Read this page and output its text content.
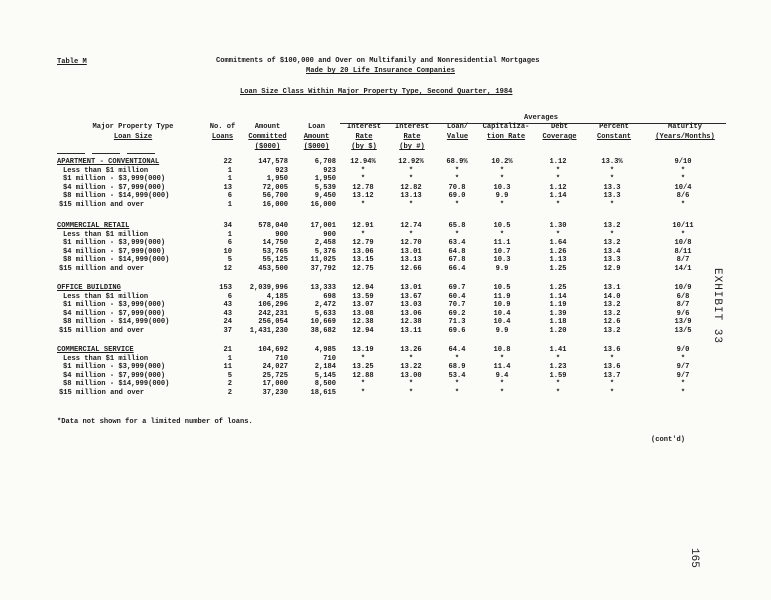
Table M	Commitments of $100,000 and Over on Multifamily and Nonresidential Mortgages
Made by 20 Life Insurance Companies
Loan Size Class Within Major Property Type, Second Quarter, 1984
Averages
Major Property Type
Loan Size
No. of
Loans
Amount
Committed
($000)
Loan
Amount
($000)
Interest
Rate
(by $)
Interest
Rate
(by #)
Loan/
Value
Capitaliza-
tion Rate
Debt
Coverage
Percent
Constant
Maturity
(Years/Months)
APARTMENT - CONVENTIONAL	22	147,578	6,708	12.94%	12.92%	68.9%	10.2%	1.12	13.3%	9/10
Less than $1 million	1	923	923	*	*	*	*	*	*	*
$1 million - $3,999(000)	1	1,950	1,950	*	*	*	*	*	*	*
$4 million - $7,999(000)	13	72,005	5,539	12.78	12.82	70.8	10.3	1.12	13.3	10/4
$8 million - $14,999(000)	6	56,700	9,450	13.12	13.13	69.0	9.9	1.14	13.3	8/6
$15 million and over	1	16,000	16,000	*	*	*	*	*	*	*
COMMERCIAL RETAIL	34	578,040	17,001	12.91	12.74	65.8	10.5	1.30	13.2	10/11
Less than $1 million	1	900	900	*	*	*	*	*	*	*
$1 million - $3,999(000)	6	14,750	2,458	12.79	12.70	63.4	11.1	1.64	13.2	10/8
$4 million - $7,999(000)	10	53,765	5,376	13.06	13.01	64.8	10.7	1.26	13.4	8/11
$8 million - $14,999(000)	5	55,125	11,025	13.15	13.13	67.8	10.3	1.13	13.3	8/7
$15 million and over	12	453,500	37,792	12.75	12.66	66.4	9.9	1.25	12.9	14/1
OFFICE BUILDING	153	2,039,996	13,333	12.94	13.01	69.7	10.5	1.25	13.1	10/9
Less than $1 million	6	4,185	698	13.59	13.67	60.4	11.9	1.14	14.0	6/8
$1 million - $3,999(000)	43	106,296	2,472	13.07	13.03	70.7	10.9	1.19	13.2	8/7
$4 million - $7,999(000)	43	242,231	5,633	13.08	13.06	69.2	10.4	1.39	13.2	9/6
$8 million - $14,999(000)	24	256,054	10,669	12.38	12.38	71.3	10.4	1.18	12.6	13/9
$15 million and over	37	1,431,230	38,682	12.94	13.11	69.6	9.9	1.20	13.2	13/5
COMMERCIAL SERVICE	21	104,692	4,985	13.19	13.26	64.4	10.8	1.41	13.6	9/0
Less than $1 million	1	710	710	*	*	*	*	*	*	*
$1 million - $3,999(000)	11	24,027	2,184	13.25	13.22	68.9	11.4	1.23	13.6	9/7
$4 million - $7,999(000)	5	25,725	5,145	12.88	13.00	53.4	9.4	1.59	13.7	9/7
$8 million - $14,999(000)	2	17,000	8,500	*	*	*	*	*	*	*
$15 million and over	2	37,230	18,615	*	*	*	*	*	*	*
*Data not shown for a limited number of loans.
(cont'd)
EXHIBIT 33
165
